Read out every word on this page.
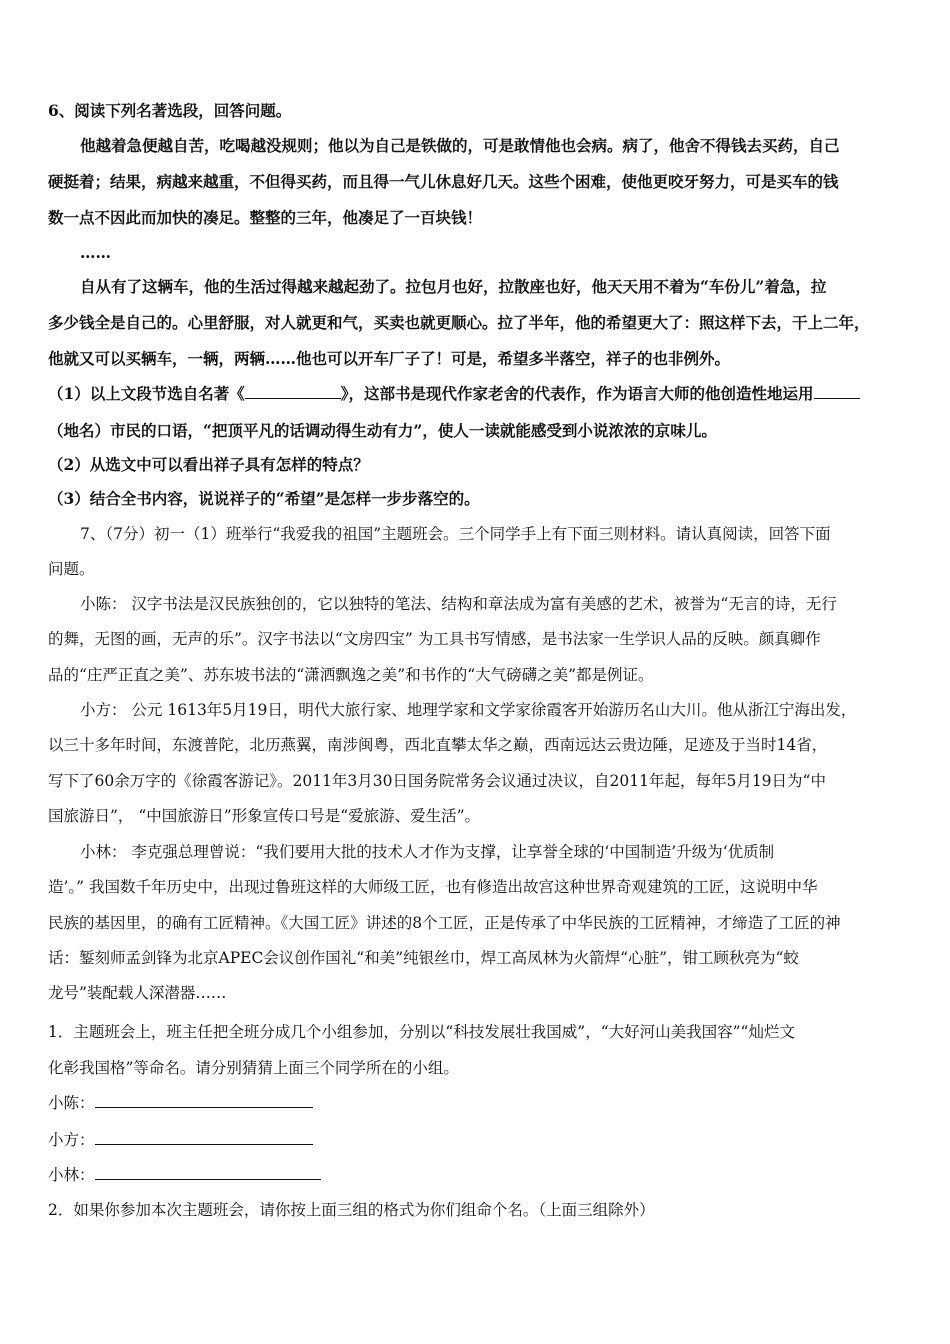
6、阅读下列名著选段，回答问题。
他越着急便越自苦，吃喝越没规则；他以为自己是铁做的，可是敢情他也会病。病了，他舍不得钱去买药，自己
硬挺着；结果，病越来越重，不但得买药，而且得一气儿休息好几天。这些个困难，使他更咬牙努力，可是买车的钱
数一点不因此而加快的凑足。整整的三年，他凑足了一百块钱！
……
自从有了这辆车，他的生活过得越来越起劲了。拉包月也好，拉散座也好，他天天用不着为“车份儿”着急，拉
多少钱全是自己的。心里舒服，对人就更和气，买卖也就更顺心。拉了半年，他的希望更大了：照这样下去，干上二年，
他就又可以买辆车，一辆，两辆……他也可以开车厂子了！可是，希望多半落空，祥子的也非例外。
（1）以上文段节选自名著《	》，这部书是现代作家老舍的代表作，作为语言大师的他创造性地运用
（地名）市民的口语，“把顶平凡的话调动得生动有力”，使人一读就能感受到小说浓浓的京味儿。
（2）从选文中可以看出祥子具有怎样的特点？
（3）结合全书内容，说说祥子的“希望”是怎样一步步落空的。
7、（7分）初一（1）班举行“我爱我的祖国”主题班会。三个同学手上有下面三则材料。请认真阅读，回答下面
问题。
小陈： 汉字书法是汉民族独创的，它以独特的笔法、结构和章法成为富有美感的艺术，被誉为“无言的诗，无行
的舞，无图的画，无声的乐”。汉字书法以“文房四宝” 为工具书写情感，是书法家一生学识人品的反映。颜真卿作
品的“庄严正直之美”、苏东坡书法的“潇洒飘逸之美”和书作的“大气磅礴之美”都是例证。
小方： 公元 1613年5月19日，明代大旅行家、地理学家和文学家徐霞客开始游历名山大川。他从浙江宁海出发，
以三十多年时间，东渡普陀，北历燕翼，南涉闽粤，西北直攀太华之巅，西南远达云贵边陲，足迹及于当时14省，
写下了60余万字的《徐霞客游记》。2011年3月30日国务院常务会议通过决议，自2011年起，每年5月19日为“中
国旅游日”， “中国旅游日”形象宣传口号是“爱旅游、爱生活”。
小林： 李克强总理曾说：“我们要用大批的技术人才作为支撑，让享誉全球的‘中国制造’升级为‘优质制
造’。” 我国数千年历史中，出现过鲁班这样的大师级工匠，也有修造出故宫这种世界奇观建筑的工匠，这说明中华
民族的基因里，的确有工匠精神。《大国工匠》讲述的8个工匠，正是传承了中华民族的工匠精神，才缔造了工匠的神
话：錾刻师孟剑锋为北京APEC会议创作国礼“和美”纯银丝巾，焊工高凤林为火箭焊“心脏”，钳工顾秋亮为“蛟
龙号”装配载人深潜器……
1．主题班会上，班主任把全班分成几个小组参加，分别以“科技发展壮我国威”，“大好河山美我国容”“灿烂文
化彰我国格”等命名。请分别猜猜上面三个同学所在的小组。
小陈：
小方：
小林：
2．如果你参加本次主题班会，请你按上面三组的格式为你们组命个名。（上面三组除外）
